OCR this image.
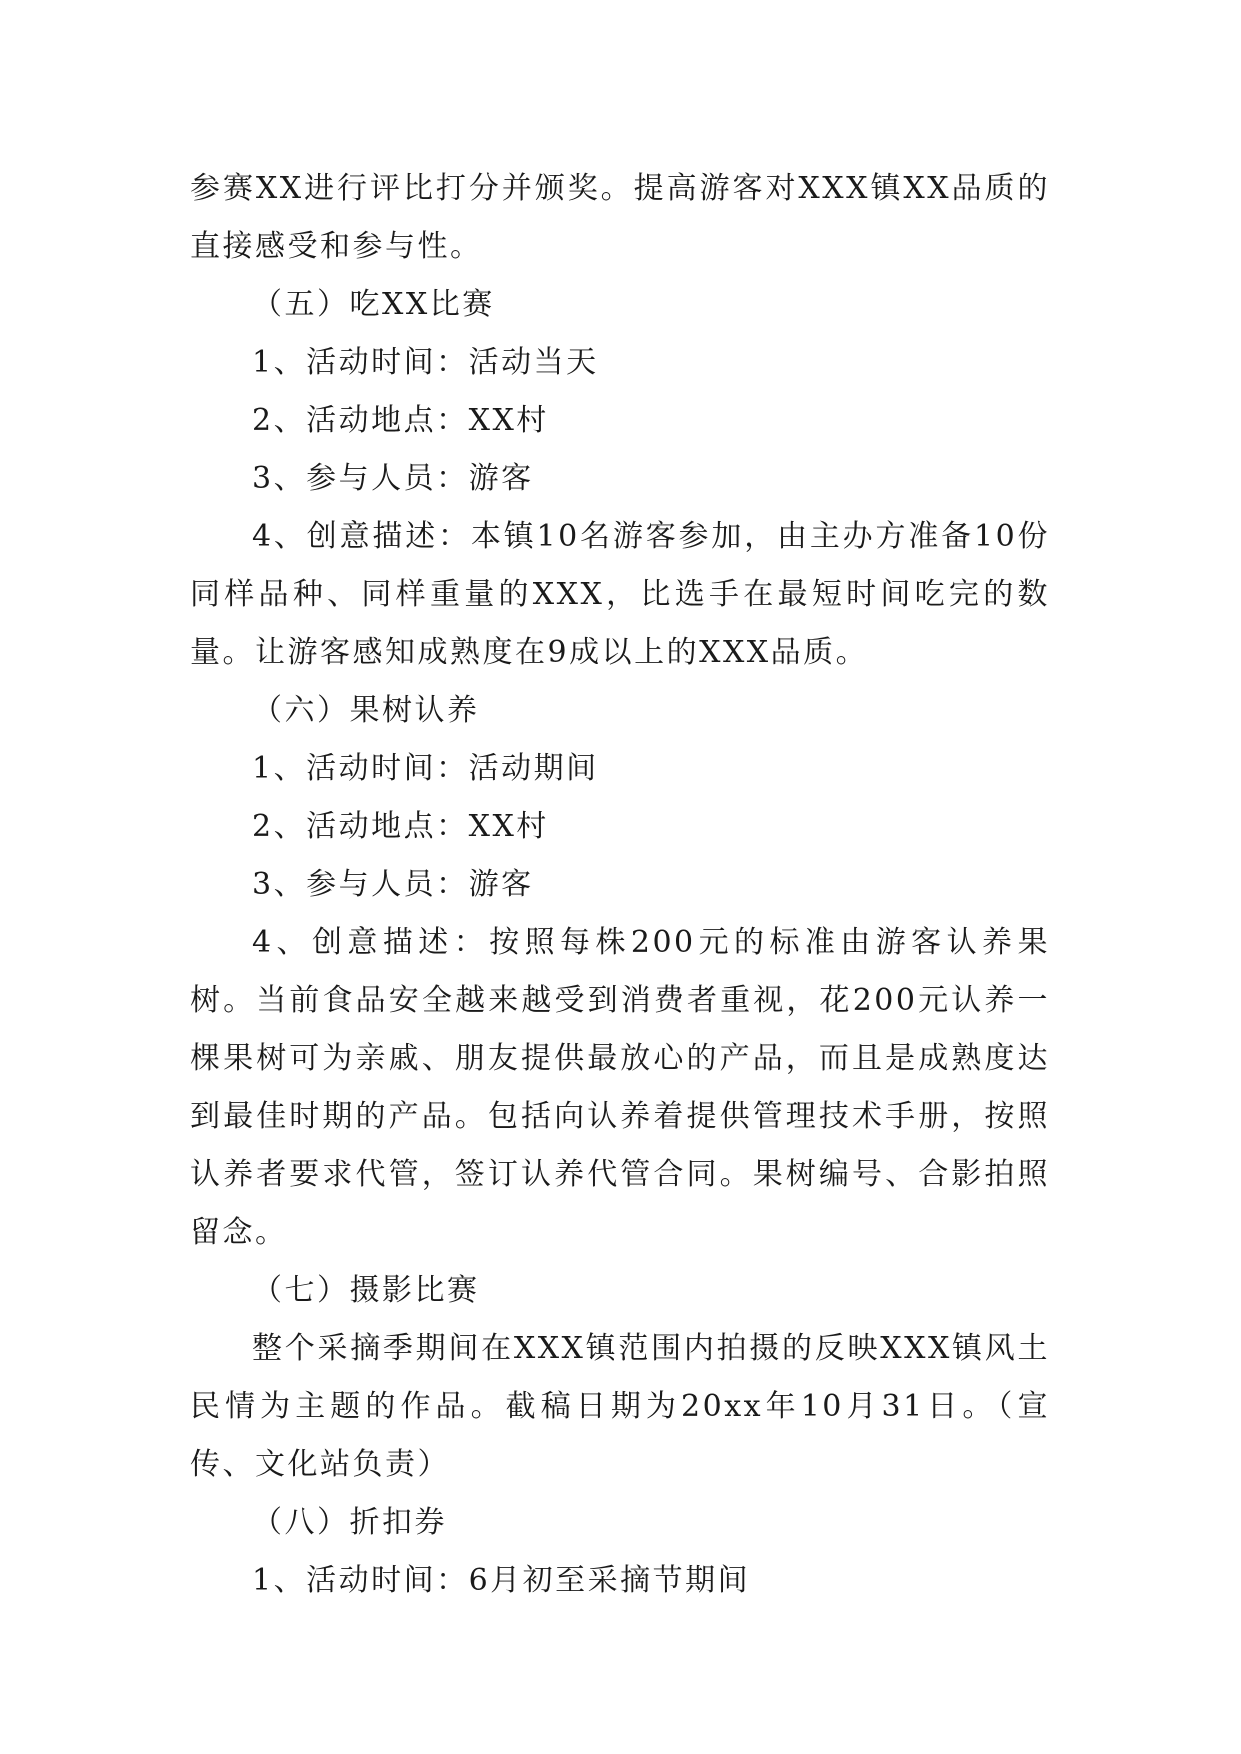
参赛XX进行评比打分并颁奖。提高游客对XXX镇XX品质的直接感受和参与性。

（五）吃XX比赛

1、活动时间：活动当天

2、活动地点：XX村

3、参与人员：游客

4、创意描述：本镇10名游客参加，由主办方准备10份同样品种、同样重量的XXX，比选手在最短时间吃完的数量。让游客感知成熟度在9成以上的XXX品质。

（六）果树认养

1、活动时间：活动期间

2、活动地点：XX村

3、参与人员：游客

4、创意描述：按照每株200元的标准由游客认养果树。当前食品安全越来越受到消费者重视，花200元认养一棵果树可为亲戚、朋友提供最放心的产品，而且是成熟度达到最佳时期的产品。包括向认养着提供管理技术手册，按照认养者要求代管，签订认养代管合同。果树编号、合影拍照留念。

（七）摄影比赛

整个采摘季期间在XXX镇范围内拍摄的反映XXX镇风土民情为主题的作品。截稿日期为20xx年10月31日。（宣传、文化站负责）

（八）折扣券

1、活动时间：6月初至采摘节期间
